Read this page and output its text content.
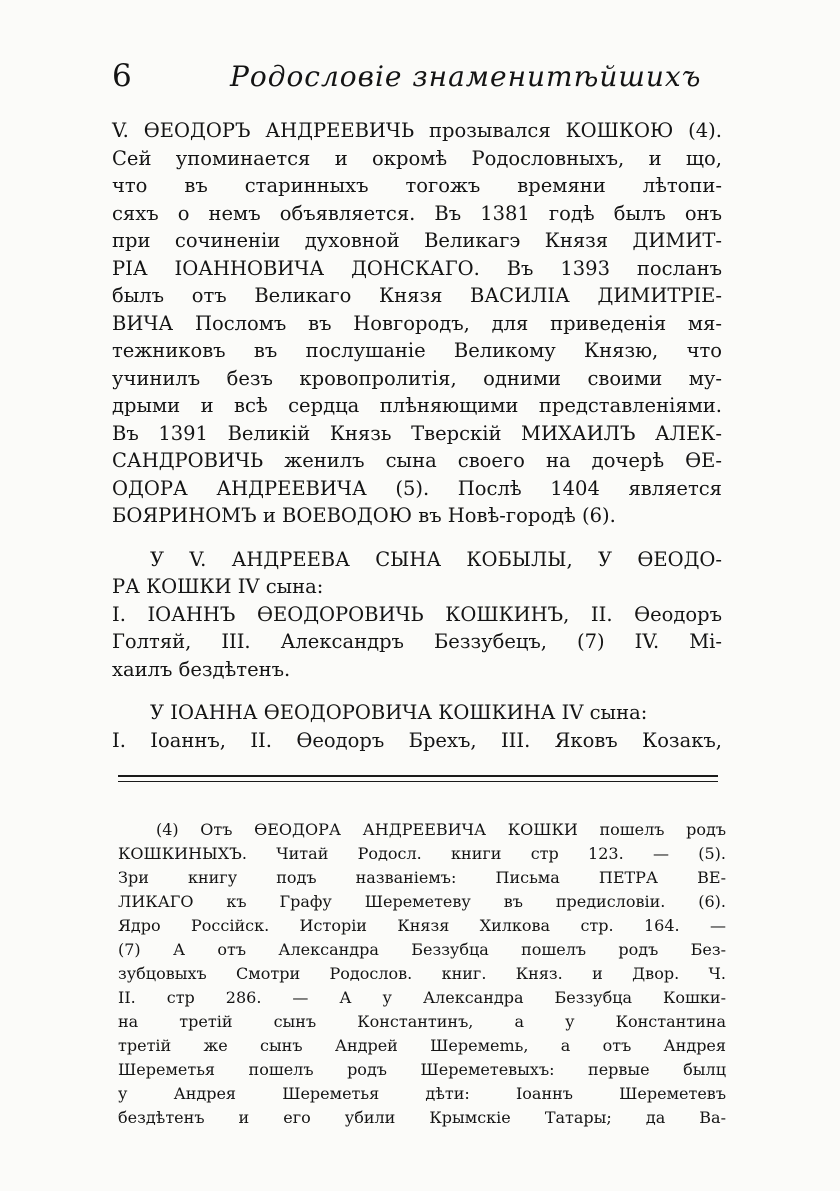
6	Родословіе знаменитѣйшихъ

V. ѲЕОДОРЪ АНДРЕЕВИЧЬ прозывался КОШКОЮ (4).
Сей упоминается и окромѣ Родословныхъ, и що,
что въ старинныхъ тогожъ времяни лѣтопи-
сяхъ о немъ объявляется. Въ 1381 годѣ былъ онъ
при сочиненіи духовной Великагэ Князя ДИМИТ-
РІА ІОАННОВИЧА ДОНСКАГО. Въ 1393 посланъ
былъ отъ Великаго Князя ВАСИЛІА ДИМИТРІЕ-
ВИЧА Посломъ въ Новгородъ, для приведенія мя-
тежниковъ въ послушаніе Великому Князю, что
учинилъ безъ кровопролитія, одними своими му-
дрыми и всѣ сердца плѣняющими представленіями.
Въ 1391 Великій Князь Тверскій МИХАИЛЪ АЛЕК-
САНДРОВИЧЬ женилъ сына своего на дочерѣ ѲЕ-
ОДОРА АНДРЕЕВИЧА (5). Послѣ 1404 является
БОЯРИНОМЪ и ВОЕВОДОЮ въ Новѣ-городѣ (6).

У V. АНДРЕЕВА СЫНА КОБЫЛЫ, У ѲЕОДО-
РА КОШКИ IV сына:
I. ІОАННЪ ѲЕОДОРОВИЧЬ КОШКИНЪ, II. Ѳеодоръ
Голтяй, III. Александръ Беззубецъ, (7) IV. Мі-
хаилъ бездѣтенъ.

У ІОАННА ѲЕОДОРОВИЧА КОШКИНА IV сына:
I. Іоаннъ, II. Ѳеодоръ Брехъ, III. Яковъ Козакъ,

(4) Отъ ѲЕОДОРА АНДРЕЕВИЧА КОШКИ пошелъ родъ
КОШКИНЫХЪ. Читай Родосл. книги стр 123. — (5).
Зри книгу подъ названіемъ: Письма ПЕТРА ВЕ-
ЛИКАГО къ Графу Шереметеву въ предисловіи. (6).
Ядро Россійск. Исторіи Князя Хилкова стр. 164. —
(7) А отъ Александра Беззубца пошелъ родъ Без-
зубцовыхъ Смотри Родослов. книг. Княз. и Двор. Ч.
II. стр 286. — А у Александра Беззубца Кошки-
на третій сынъ Константинъ, а у Константина
третій же сынъ Андрей Шеремеmь, а отъ Андрея
Шереметья пошелъ родъ Шереметевыхъ: первые былц
у Андрея Шереметья дѣти: Іоаннъ Шереметевъ
бездѣтенъ и его убили Крымскіе Татары; да Ва-
